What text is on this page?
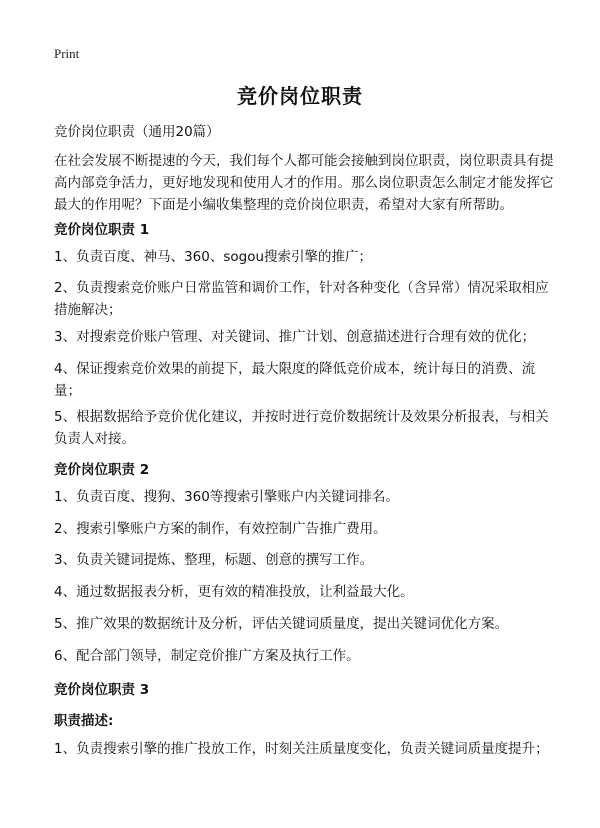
Print
竞价岗位职责
竞价岗位职责（通用20篇）
在社会发展不断提速的今天，我们每个人都可能会接触到岗位职责，岗位职责具有提高内部竞争活力，更好地发现和使用人才的作用。那么岗位职责怎么制定才能发挥它最大的作用呢？下面是小编收集整理的竞价岗位职责，希望对大家有所帮助。
竞价岗位职责 1
1、负责百度、神马、360、sogou搜索引擎的推广；
2、负责搜索竞价账户日常监管和调价工作，针对各种变化（含异常）情况采取相应措施解决；
3、对搜索竞价账户管理、对关键词、推广计划、创意描述进行合理有效的优化；
4、保证搜索竞价效果的前提下，最大限度的降低竞价成本，统计每日的消费、流量；
5、根据数据给予竞价优化建议，并按时进行竞价数据统计及效果分析报表，与相关负责人对接。
竞价岗位职责 2
1、负责百度、搜狗、360等搜索引擎账户内关键词排名。
2、搜索引擎账户方案的制作，有效控制广告推广费用。
3、负责关键词提炼、整理，标题、创意的撰写工作。
4、通过数据报表分析，更有效的精准投放，让利益最大化。
5、推广效果的数据统计及分析，评估关键词质量度，提出关键词优化方案。
6、配合部门领导，制定竞价推广方案及执行工作。
竞价岗位职责 3
职责描述:
1、负责搜索引擎的推广投放工作，时刻关注质量度变化，负责关键词质量度提升；
